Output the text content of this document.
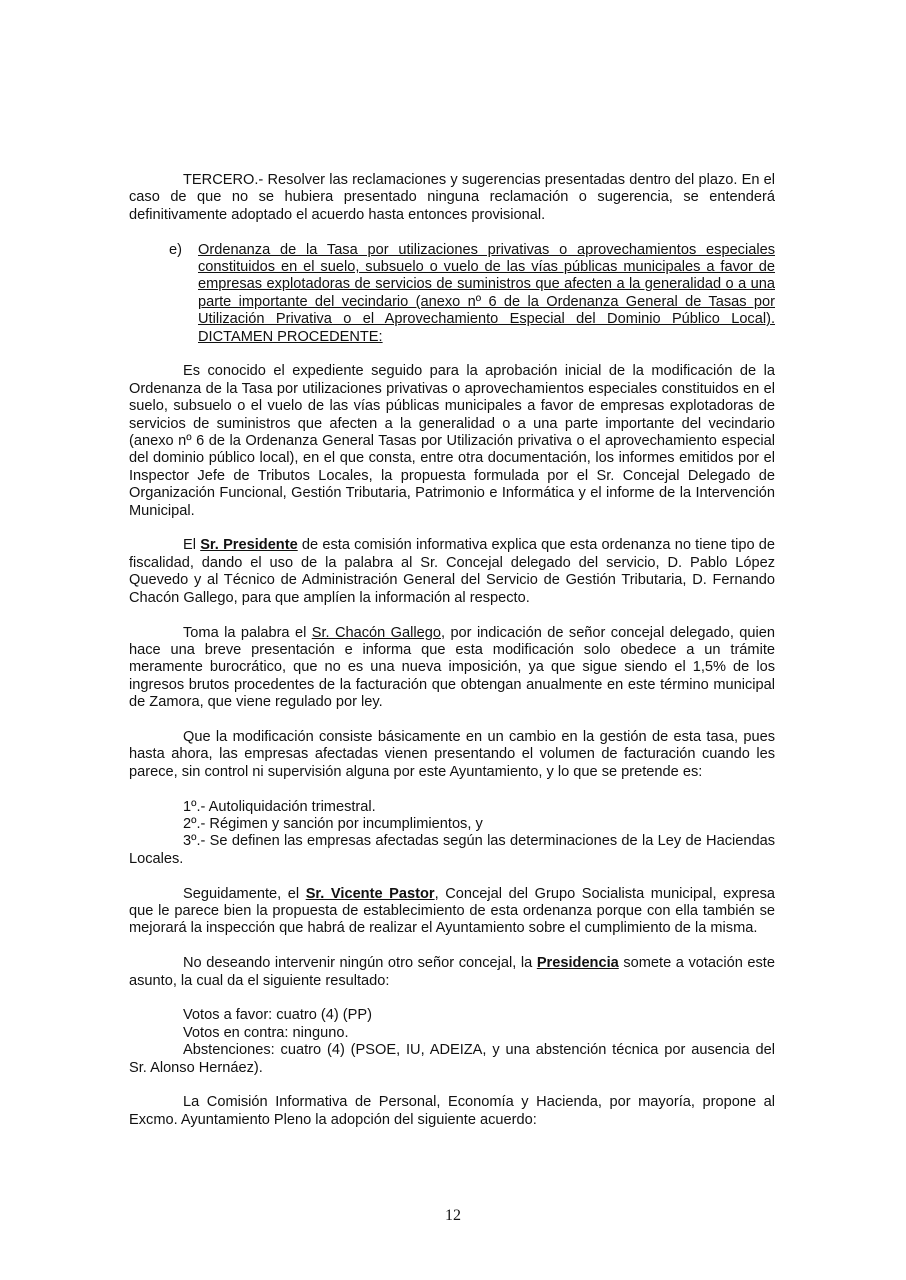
TERCERO.- Resolver las reclamaciones y sugerencias presentadas dentro del plazo. En el caso de que no se hubiera presentado ninguna reclamación o sugerencia, se entenderá definitivamente adoptado el acuerdo hasta entonces provisional.

e) Ordenanza de la Tasa por utilizaciones privativas o aprovechamientos especiales constituidos en el suelo, subsuelo o vuelo de las vías públicas municipales a favor de empresas explotadoras de servicios de suministros que afecten a la generalidad o a una parte importante del vecindario (anexo nº 6 de la Ordenanza General de Tasas por Utilización Privativa o el Aprovechamiento Especial del Dominio Público Local). DICTAMEN PROCEDENTE:

Es conocido el expediente seguido para la aprobación inicial de la modificación de la Ordenanza de la Tasa por utilizaciones privativas o aprovechamientos especiales constituidos en el suelo, subsuelo o el vuelo de las vías públicas municipales a favor de empresas explotadoras de servicios de suministros que afecten a la generalidad o a una parte importante del vecindario (anexo nº 6 de la Ordenanza General Tasas por Utilización privativa o el aprovechamiento especial del dominio público local), en el que consta, entre otra documentación, los informes emitidos por el Inspector Jefe de Tributos Locales, la propuesta formulada por el Sr. Concejal Delegado de Organización Funcional, Gestión Tributaria, Patrimonio e Informática y el informe de la Intervención Municipal.

El Sr. Presidente de esta comisión informativa explica que esta ordenanza no tiene tipo de fiscalidad, dando el uso de la palabra al Sr. Concejal delegado del servicio, D. Pablo López Quevedo y al Técnico de Administración General del Servicio de Gestión Tributaria, D. Fernando Chacón Gallego, para que amplíen la información al respecto.

Toma la palabra el Sr. Chacón Gallego, por indicación de señor concejal delegado, quien hace una breve presentación e informa que esta modificación solo obedece a un trámite meramente burocrático, que no es una nueva imposición, ya que sigue siendo el 1,5% de los ingresos brutos procedentes de la facturación que obtengan anualmente en este término municipal de Zamora, que viene regulado por ley.

Que la modificación consiste básicamente en un cambio en la gestión de esta tasa, pues hasta ahora, las empresas afectadas vienen presentando el volumen de facturación cuando les parece, sin control ni supervisión alguna por este Ayuntamiento, y lo que se pretende es:

1º.- Autoliquidación trimestral.

2º.- Régimen y sanción por incumplimientos, y

3º.- Se definen las empresas afectadas según las determinaciones de la Ley de Haciendas Locales.

Seguidamente, el Sr. Vicente Pastor, Concejal del Grupo Socialista municipal, expresa que le parece bien la propuesta de establecimiento de esta ordenanza porque con ella también se mejorará la inspección que habrá de realizar el Ayuntamiento sobre el cumplimiento de la misma.

No deseando intervenir ningún otro señor concejal, la Presidencia somete a votación este asunto, la cual da el siguiente resultado:

Votos a favor: cuatro (4) (PP)

Votos en contra: ninguno.

Abstenciones: cuatro (4) (PSOE, IU, ADEIZA, y una abstención técnica por ausencia del Sr. Alonso Hernáez).

La Comisión Informativa de Personal, Economía y Hacienda, por mayoría, propone al Excmo. Ayuntamiento Pleno la adopción del siguiente acuerdo:

12
